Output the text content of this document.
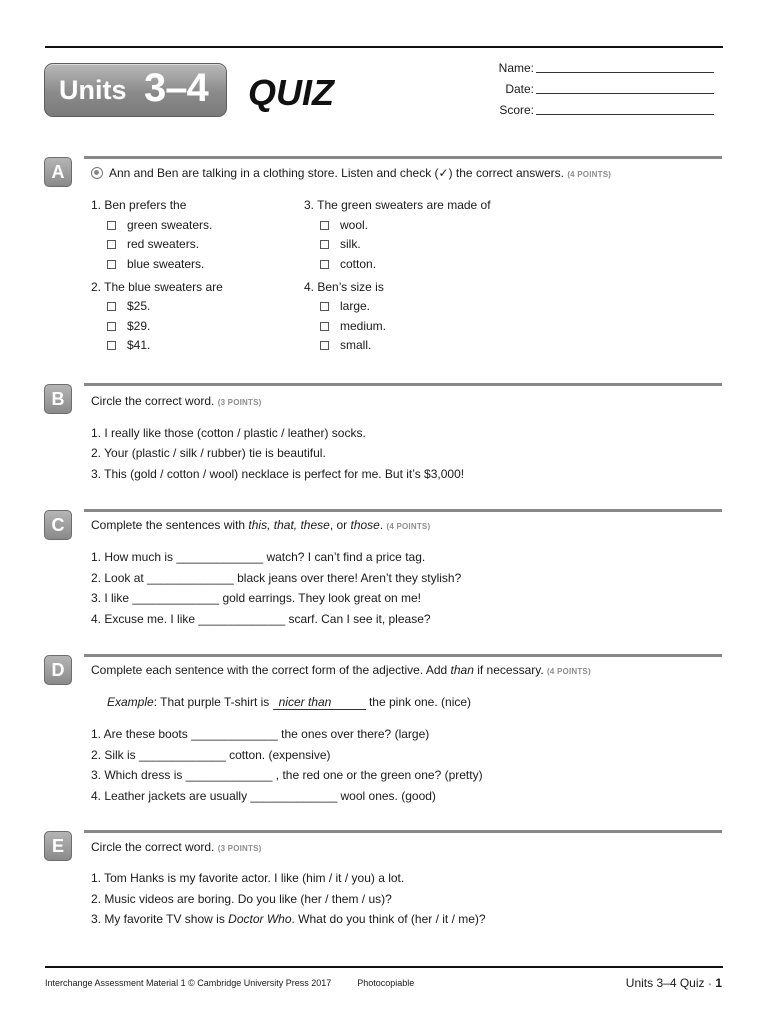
Units 3–4 QUIZ
Name:
Date:
Score:
A	Ann and Ben are talking in a clothing store. Listen and check (✓) the correct answers. (4 POINTS)
1. Ben prefers the
green sweaters.
red sweaters.
blue sweaters.
2. The blue sweaters are
$25.
$29.
$41.
3. The green sweaters are made of
wool.
silk.
cotton.
4. Ben’s size is
large.
medium.
small.
B	Circle the correct word. (3 POINTS)
1. I really like those (cotton / plastic / leather) socks.
2. Your (plastic / silk / rubber) tie is beautiful.
3. This (gold / cotton / wool) necklace is perfect for me. But it’s $3,000!
C	Complete the sentences with this, that, these, or those. (4 POINTS)
1. How much is _____________ watch? I can’t find a price tag.
2. Look at _____________ black jeans over there! Aren’t they stylish?
3. I like _____________ gold earrings. They look great on me!
4. Excuse me. I like _____________ scarf. Can I see it, please?
D	Complete each sentence with the correct form of the adjective. Add than if necessary. (4 POINTS)
Example: That purple T-shirt is nicer than	the pink one. (nice)
1. Are these boots _____________ the ones over there? (large)
2. Silk is _____________ cotton. (expensive)
3. Which dress is _____________ , the red one or the green one? (pretty)
4. Leather jackets are usually _____________ wool ones. (good)
E	Circle the correct word. (3 POINTS)
1. Tom Hanks is my favorite actor. I like (him / it / you) a lot.
2. Music videos are boring. Do you like (her / them / us)?
3. My favorite TV show is Doctor Who. What do you think of (her / it / me)?
Interchange Assessment Material 1 © Cambridge University Press 2017	Photocopiable	Units 3–4 Quiz • 1
